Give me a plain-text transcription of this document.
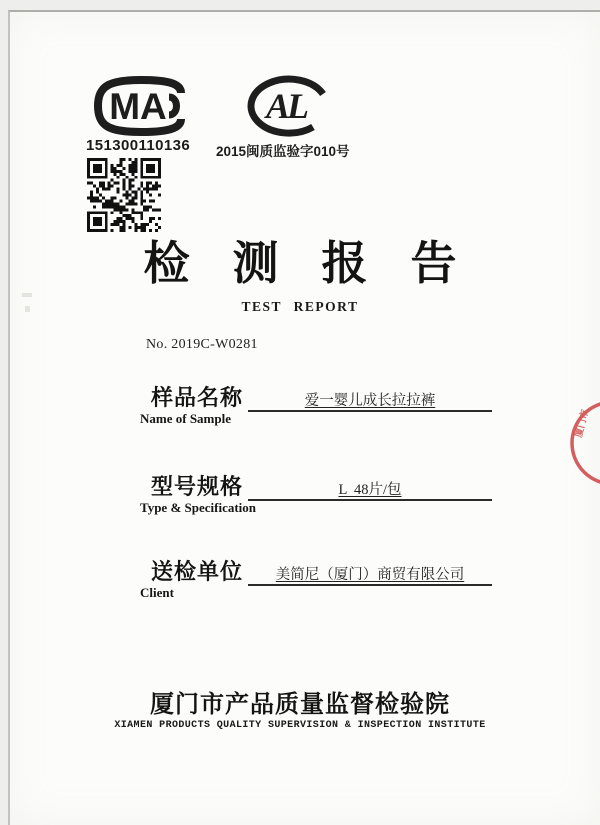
MA	AL
151300110136 2015闽质监验字010号
检测报告
TEST REPORT
No. 2019C-W0281
样品名称
Name of Sample
爱一婴儿成长拉拉裤
型号规格
Type & Specification
L  48片/包
送检单位
Client
美简尼（厦门）商贸有限公司
厦门市产品质量监督检验院
XIAMEN PRODUCTS QUALITY SUPERVISION & INSPECTION INSTITUTE
厦门市
